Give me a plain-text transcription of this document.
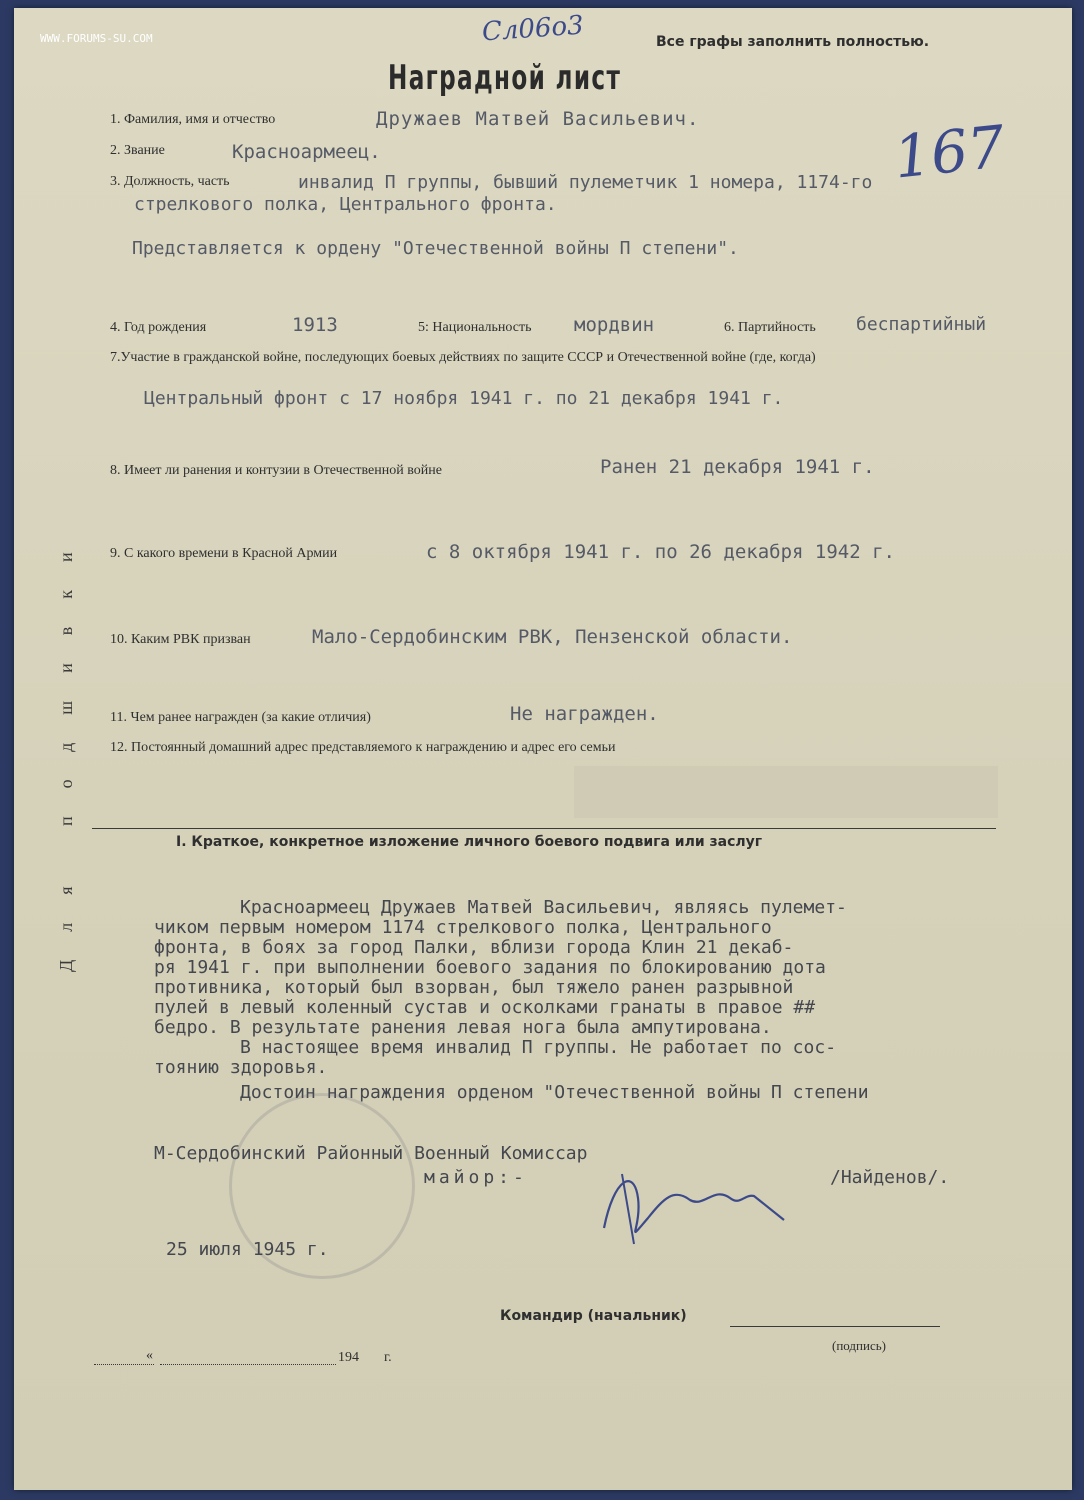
WWW.FORUMS-SU.COM	Сл06о3	Все графы заполнить полностью.
Наградной лист
Для подшивки
167
1. Фамилия, имя и отчество	Дружаев Матвей Васильевич.
2. Звание	Красноармеец.
3. Должность, часть	инвалид П группы, бывший пулеметчик 1 номера, 1174-го
стрелкового полка, Центрального фронта.
Представляется к ордену "Отечественной войны П степени".
4. Год рождения	1913	5: Национальность мордвин	6. Партийность беспартийный
7.Участие в гражданской войне, последующих боевых действиях по защите СССР и Отечественной войне (где, когда)
Центральный фронт с 17 ноября 1941 г. по 21 декабря 1941 г.
8. Имеет ли ранения и контузии в Отечественной войне	Ранен 21 декабря 1941 г.
9. С какого времени в Красной Армии	с 8 октября 1941 г. по 26 декабря 1942 г.
10. Каким РВК призван	Мало-Сердобинским РВК, Пензенской области.
11. Чем ранее награжден (за какие отличия)	Не награжден.
12. Постоянный домашний адрес представляемого к награждению и адрес его семьи
I. Краткое, конкретное изложение личного боевого подвига или заслуг
Красноармеец Дружаев Матвей Васильевич, являясь пулемет-
чиком первым номером 1174 стрелкового полка, Центрального
фронта, в боях за город Палки, вблизи города Клин 21 декаб-
ря 1941 г. при выполнении боевого задания по блокированию дота
противника, который был взорван, был тяжело ранен разрывной
пулей в левый коленный сустав и осколками гранаты в правое ##
бедро. В результате ранения левая нога была ампутирована.
В настоящее время инвалид П группы. Не работает по сос-
тоянию здоровья.
Достоин награждения орденом "Отечественной войны П степени
М-Сердобинский Районный Военный Комиссар
майор:-	/Найденов/.
25 июля 1945 г.
Командир (начальник)
(подпись)
«	194 г.
